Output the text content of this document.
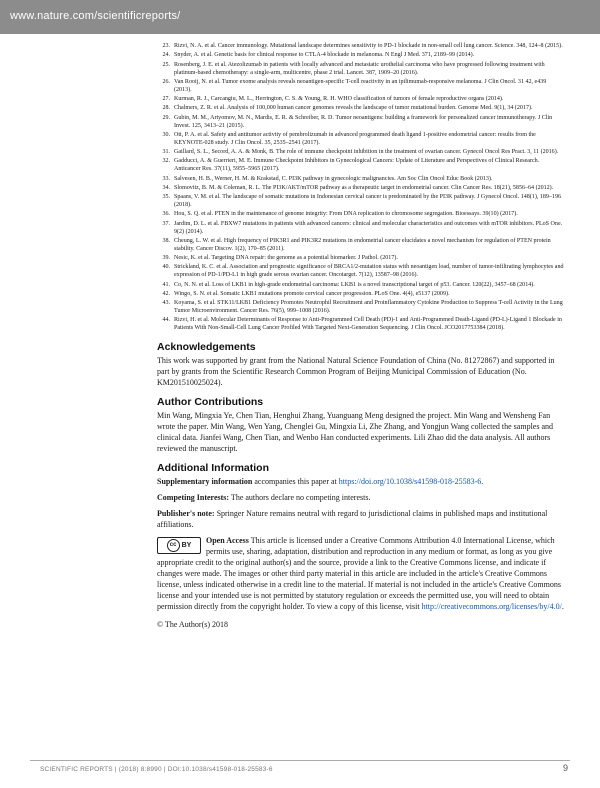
www.nature.com/scientificreports/
23. Rizvi, N. A. et al. Cancer immunology. Mutational landscape determines sensitivity to PD-1 blockade in non-small cell lung cancer. Science. 348, 124–8 (2015).
24. Snyder, A. et al. Genetic basis for clinical response to CTLA-4 blockade in melanoma. N Engl J Med. 371, 2189–99 (2014).
25. Rosenberg, J. E. et al. Atezolizumab in patients with locally advanced and metastatic urothelial carcinoma who have progressed following treatment with platinum-based chemotherapy: a single-arm, multicentre, phase 2 trial. Lancet. 387, 1909–20 (2016).
26. Van Rooij, N. et al. Tumor exome analysis reveals neoantigen-specific T-cell reactivity in an ipilimumab-responsive melanoma. J Clin Oncol. 31 42, e439 (2013).
27. Kurman, R. J., Carcangiu, M. L., Herrington, C. S. & Young, R. H. WHO classification of tumors of female reproductive organs (2014).
28. Chalmers, Z. R. et al. Analysis of 100,000 human cancer genomes reveals the landscape of tumor mutational burden. Genome Med. 9(1), 34 (2017).
29. Gubin, M. M., Artyomov, M. N., Mardis, E. R. & Schreiber, R. D. Tumor neoantigens: building a framework for personalized cancer immunotherapy. J Clin Invest. 125, 3413–21 (2015).
30. Ott, P. A. et al. Safety and antitumor activity of pembrolizumab in advanced programmed death ligand 1-positive endometrial cancer: results from the KEYNOTE-028 study. J Clin Oncol. 35, 2535–2541 (2017).
31. Gaillard, S. L., Secord, A. A. & Monk, B. The role of immune checkpoint inhibition in the treatment of ovarian cancer. Gynecol Oncol Res Pract. 3, 11 (2016).
32. Gadducci, A. & Guerrieri, M. E. Immune Checkpoint Inhibitors in Gynecological Cancers: Update of Literature and Perspectives of Clinical Research. Anticancer Res. 37(11), 5955–5965 (2017).
33. Salvesen, H. B., Werner, H. M. & Krakstad, C. PI3K pathway in gynecologic malignancies. Am Soc Clin Oncol Educ Book (2013).
34. Slomovitz, B. M. & Coleman, R. L. The PI3K/AKT/mTOR pathway as a therapeutic target in endometrial cancer. Clin Cancer Res. 18(21), 5856–64 (2012).
35. Spaans, V. M. et al. The landscape of somatic mutations in Indonesian cervical cancer is predominated by the PI3K pathway. J Gynecol Oncol. 148(1), 189–196 (2018).
36. Hou, S. Q. et al. PTEN in the maintenance of genome integrity: From DNA replication to chromosome segregation. Bioessays. 39(10) (2017).
37. Jardim, D. L. et al. FBXW7 mutations in patients with advanced cancers: clinical and molecular characteristics and outcomes with mTOR inhibitors. PLoS One. 9(2) (2014).
38. Cheung, L. W. et al. High frequency of PIK3R1 and PIK3R2 mutations in endometrial cancer elucidates a novel mechanism for regulation of PTEN protein stability. Cancer Discov. 1(2), 170–85 (2011).
39. Nesic, K. et al. Targeting DNA repair: the genome as a potential biomarker. J Pathol. (2017).
40. Strickland, K. C. et al. Association and prognostic significance of BRCA1/2-mutation status with neoantigen load, number of tumor-infiltrating lymphocytes and expression of PD-1/PD-L1 in high grade serous ovarian cancer. Oncotarget. 7(12), 13587–98 (2016).
41. Co, N. N. et al. Loss of LKB1 in high-grade endometrial carcinoma: LKB1 is a novel transcriptional target of p53. Cancer. 120(22), 3457–68 (2014).
42. Wingo, S. N. et al. Somatic LKB1 mutations promote cervical cancer progression. PLoS One. 4(4), e5137 (2009).
43. Koyama, S. et al. STK11/LKB1 Deficiency Promotes Neutrophil Recruitment and Proinflammatory Cytokine Production to Suppress T-cell Activity in the Lung Tumor Microenvironment. Cancer Res. 76(5), 999–1008 (2016).
44. Rizvi, H. et al. Molecular Determinants of Response to Anti-Programmed Cell Death (PD)-1 and Anti-Programmed Death-Ligand (PD-L)-Ligand 1 Blockade in Patients With Non-Small-Cell Lung Cancer Profiled With Targeted Next-Generation Sequencing. J Clin Oncol. JCO2017753384 (2018).
Acknowledgements

This work was supported by grant from the National Natural Science Foundation of China (No. 81272867) and supported in part by grants from the Scientific Research Common Program of Beijing Municipal Commission of Education (No. KM201510025024).

Author Contributions

Min Wang, Mingxia Ye, Chen Tian, Henghui Zhang, Yuanguang Meng designed the project. Min Wang and Wensheng Fan wrote the paper. Min Wang, Wen Yang, Chenglei Gu, Mingxia Li, Zhe Zhang, and Yongjun Wang collected the samples and clinical data. Jianfei Wang, Chen Tian, and Wenbo Han conducted experiments. Lili Zhao did the data analysis. All authors reviewed the manuscript.

Additional Information

Supplementary information accompanies this paper at https://doi.org/10.1038/s41598-018-25583-6.

Competing Interests: The authors declare no competing interests.

Publisher's note: Springer Nature remains neutral with regard to jurisdictional claims in published maps and institutional affiliations.

cc BY
Open Access This article is licensed under a Creative Commons Attribution 4.0 International License, which permits use, sharing, adaptation, distribution and reproduction in any medium or format, as long as you give appropriate credit to the original author(s) and the source, provide a link to the Creative Commons license, and indicate if changes were made. The images or other third party material in this article are included in the article's Creative Commons license, unless indicated otherwise in a credit line to the material. If material is not included in the article's Creative Commons license and your intended use is not permitted by statutory regulation or exceeds the permitted use, you will need to obtain permission directly from the copyright holder. To view a copy of this license, visit http://creativecommons.org/licenses/by/4.0/.
© The Author(s) 2018
SCIENTIFIC REPORTS | (2018) 8:8990 | DOI:10.1038/s41598-018-25583-6	9
